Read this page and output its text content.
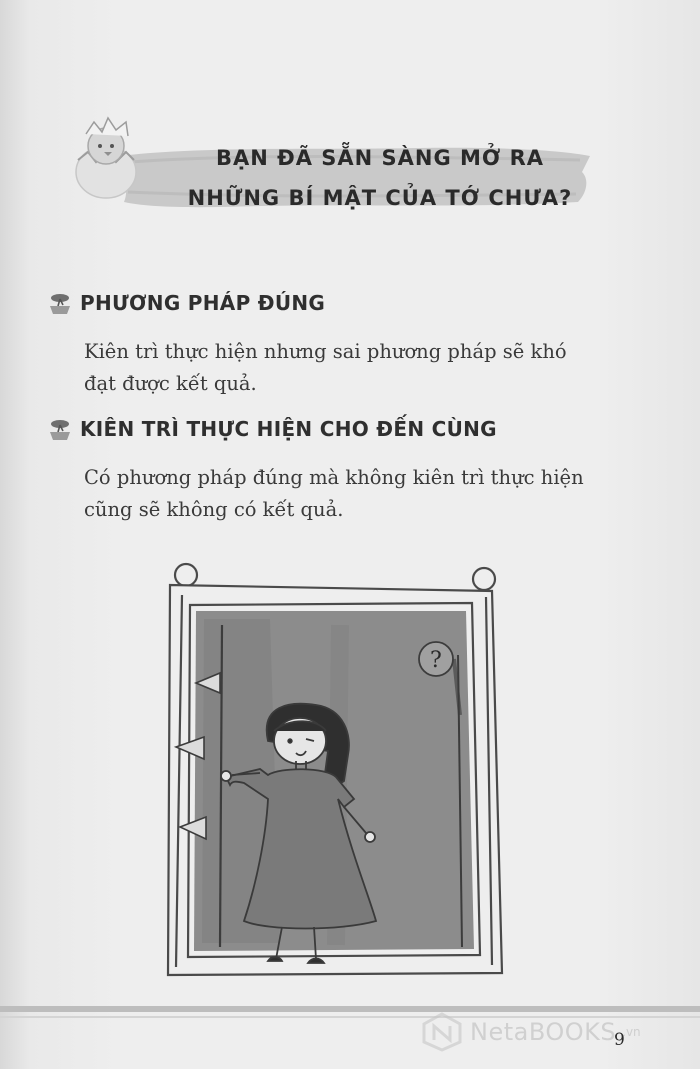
BẠN ĐÃ SẴN SÀNG MỞ RA
NHỮNG BÍ MẬT CỦA TỚ CHƯA?
PHƯƠNG PHÁP ĐÚNG
Kiên trì thực hiện nhưng sai phương pháp sẽ khó
đạt được kết quả.
KIÊN TRÌ THỰC HIỆN CHO ĐẾN CÙNG
Có phương pháp đúng mà không kiên trì thực hiện
cũng sẽ không có kết quả.
?
NetaBOOKS .vn
9
